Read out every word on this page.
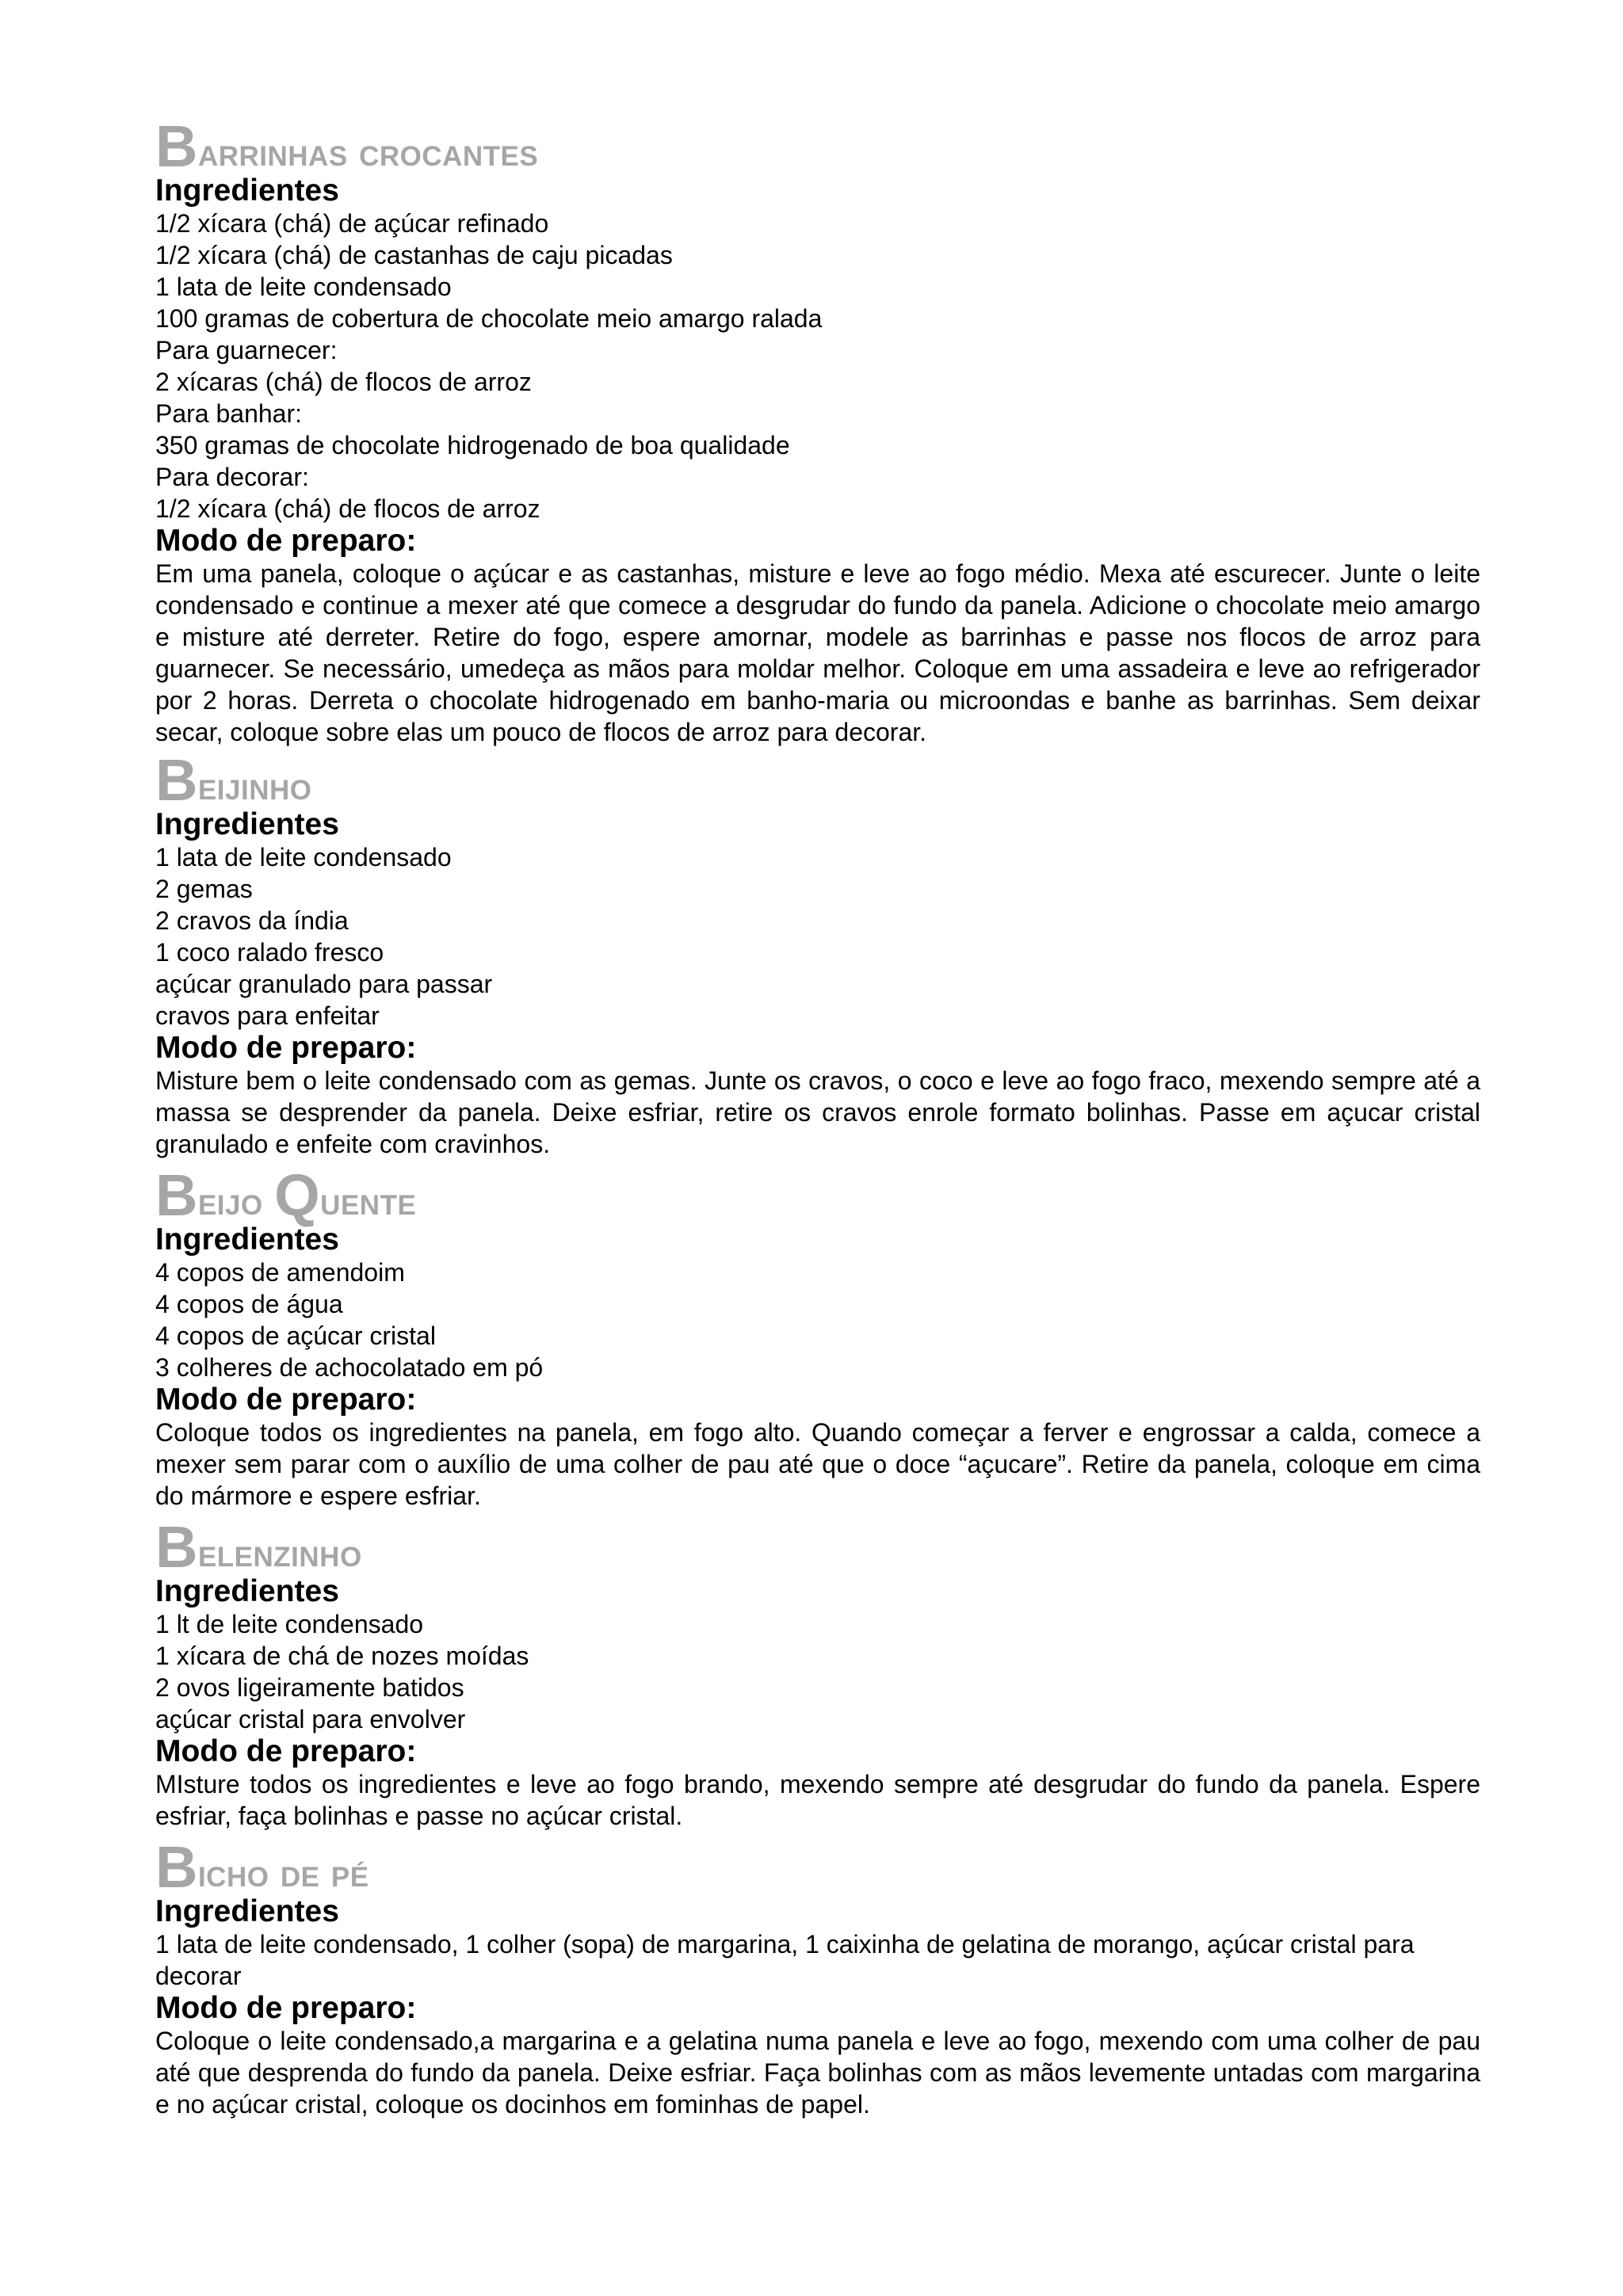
B arrinhas crocantes
Ingredientes

1/2 xícara (chá) de açúcar refinado

1/2 xícara (chá) de castanhas de caju picadas

1 lata de leite condensado

100 gramas de cobertura de chocolate meio amargo ralada

Para guarnecer:

2 xícaras (chá) de flocos de arroz

Para banhar:

350 gramas de chocolate hidrogenado de boa qualidade

Para decorar:

1/2 xícara (chá) de flocos de arroz

Modo de preparo:

Em uma panela, coloque o açúcar e as castanhas, misture e leve ao fogo médio. Mexa até escurecer. Junte o leite condensado e continue a mexer até que comece a desgrudar do fundo da panela. Adicione o chocolate meio amargo e misture até derreter. Retire do fogo, espere amornar, modele as barrinhas e passe nos flocos de arroz para guarnecer. Se necessário, umedeça as mãos para moldar melhor. Coloque em uma assadeira e leve ao refrigerador por 2 horas. Derreta o chocolate hidrogenado em banho-maria ou microondas e banhe as barrinhas. Sem deixar secar, coloque sobre elas um pouco de flocos de arroz para decorar.

B eijinho
Ingredientes

1 lata de leite condensado

2 gemas

2 cravos da índia

1 coco ralado fresco

açúcar granulado para passar

cravos para enfeitar

Modo de preparo:

Misture bem o leite condensado com as gemas. Junte os cravos, o coco e leve ao fogo fraco, mexendo sempre até a massa se desprender da panela. Deixe esfriar, retire os cravos enrole formato bolinhas. Passe em açucar cristal granulado e enfeite com cravinhos.

B eijo Q uente
Ingredientes

4 copos de amendoim

4 copos de água

4 copos de açúcar cristal

3 colheres de achocolatado em pó

Modo de preparo:

Coloque todos os ingredientes na panela, em fogo alto. Quando começar a ferver e engrossar a calda, comece a mexer sem parar com o auxílio de uma colher de pau até que o doce “açucare”. Retire da panela, coloque em cima do mármore e espere esfriar.

B elenzinho
Ingredientes

1 lt de leite condensado

1 xícara de chá de nozes moídas

2 ovos ligeiramente batidos

açúcar cristal para envolver

Modo de preparo:

MIsture todos os ingredientes e leve ao fogo brando, mexendo sempre até desgrudar do fundo da panela. Espere esfriar, faça bolinhas e passe no açúcar cristal.

B icho de pé
Ingredientes

1 lata de leite condensado, 1 colher (sopa) de margarina, 1 caixinha de gelatina de morango, açúcar cristal para decorar

Modo de preparo:

Coloque o leite condensado,a margarina e a gelatina numa panela e leve ao fogo, mexendo com uma colher de pau até que desprenda do fundo da panela. Deixe esfriar. Faça bolinhas com as mãos levemente untadas com margarina e no açúcar cristal, coloque os docinhos em fominhas de papel.
